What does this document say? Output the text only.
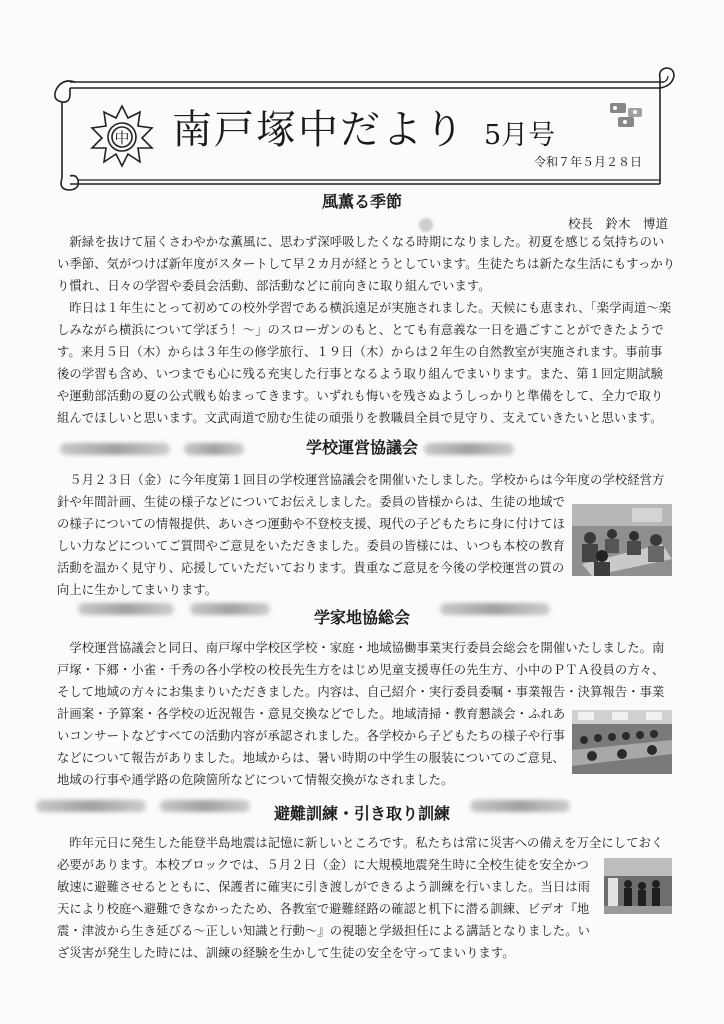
中 南戸塚中だより 5月号
令和７年５月２８日
風薫る季節
校長　鈴木　博道

　新緑を抜けて届くさわやかな薫風に、思わず深呼吸したくなる時期になりました。初夏を感じる気持ちのい

い季節、気がつけば新年度がスタートして早２カ月が経とうとしています。生徒たちは新たな生活にもすっかり

り慣れ、日々の学習や委員会活動、部活動などに前向きに取り組んでいます。

　昨日は１年生にとって初めての校外学習である横浜遠足が実施されました。天候にも恵まれ、「楽学両道～楽

しみながら横浜について学ぼう！～」のスローガンのもと、とても有意義な一日を過ごすことができたようで

す。来月５日（木）からは３年生の修学旅行、１９日（木）からは２年生の自然教室が実施されます。事前事

後の学習も含め、いつまでも心に残る充実した行事となるよう取り組んでまいります。また、第１回定期試験

や運動部活動の夏の公式戦も始まってきます。いずれも悔いを残さぬようしっかりと準備をして、全力で取り

組んでほしいと思います。文武両道で励む生徒の頑張りを教職員全員で見守り、支えていきたいと思います。

学校運営協議会

　５月２３日（金）に今年度第１回目の学校運営協議会を開催いたしました。学校からは今年度の学校経営方

針や年間計画、生徒の様子などについてお伝えしました。委員の皆様からは、生徒の地域で

の様子についての情報提供、あいさつ運動や不登校支援、現代の子どもたちに身に付けてほ

しい力などについてご質問やご意見をいただきました。委員の皆様には、いつも本校の教育

活動を温かく見守り、応援していただいております。貴重なご意見を今後の学校運営の質の

向上に生かしてまいります。

学家地協総会

　学校運営協議会と同日、南戸塚中学校区学校・家庭・地域協働事業実行委員会総会を開催いたしました。南

戸塚・下郷・小雀・千秀の各小学校の校長先生方をはじめ児童支援専任の先生方、小中のＰＴＡ役員の方々、

そして地域の方々にお集まりいただきました。内容は、自己紹介・実行委員委嘱・事業報告・決算報告・事業

計画案・予算案・各学校の近況報告・意見交換などでした。地域清掃・教育懇談会・ふれあ

いコンサートなどすべての活動内容が承認されました。各学校から子どもたちの様子や行事

などについて報告がありました。地域からは、暑い時期の中学生の服装についてのご意見、

地域の行事や通学路の危険箇所などについて情報交換がなされました。

避難訓練・引き取り訓練

　昨年元日に発生した能登半島地震は記憶に新しいところです。私たちは常に災害への備えを万全にしておく

必要があります。本校ブロックでは、５月２日（金）に大規模地震発生時に全校生徒を安全かつ

敏速に避難させるとともに、保護者に確実に引き渡しができるよう訓練を行いました。当日は雨

天により校庭へ避難できなかったため、各教室で避難経路の確認と机下に潜る訓練、ビデオ『地

震・津波から生き延びる～正しい知識と行動～』の視聴と学級担任による講話となりました。い

ざ災害が発生した時には、訓練の経験を生かして生徒の安全を守ってまいります。
